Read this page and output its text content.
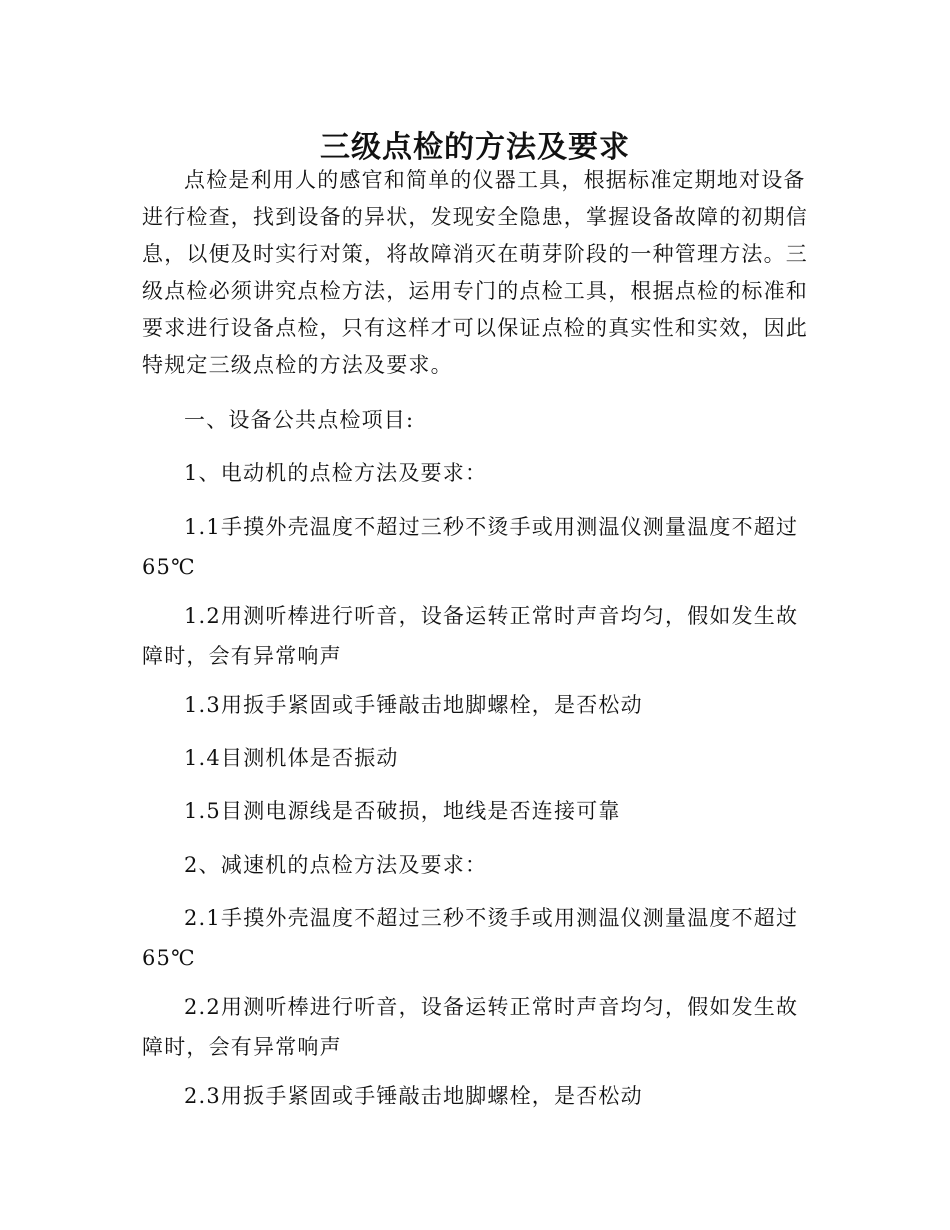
三级点检的方法及要求

点检是利用人的感官和简单的仪器工具，根据标准定期地对设备进行检查，找到设备的异状，发现安全隐患，掌握设备故障的初期信息，以便及时实行对策，将故障消灭在萌芽阶段的一种管理方法。三级点检必须讲究点检方法，运用专门的点检工具，根据点检的标准和要求进行设备点检，只有这样才可以保证点检的真实性和实效，因此特规定三级点检的方法及要求。

一、设备公共点检项目:

1、电动机的点检方法及要求：

1.1手摸外壳温度不超过三秒不烫手或用测温仪测量温度不超过65℃

1.2用测听棒进行听音，设备运转正常时声音均匀，假如发生故障时，会有异常响声

1.3用扳手紧固或手锤敲击地脚螺栓，是否松动

1.4目测机体是否振动

1.5目测电源线是否破损，地线是否连接可靠

2、减速机的点检方法及要求：

2.1手摸外壳温度不超过三秒不烫手或用测温仪测量温度不超过65℃

2.2用测听棒进行听音，设备运转正常时声音均匀，假如发生故障时，会有异常响声

2.3用扳手紧固或手锤敲击地脚螺栓，是否松动
